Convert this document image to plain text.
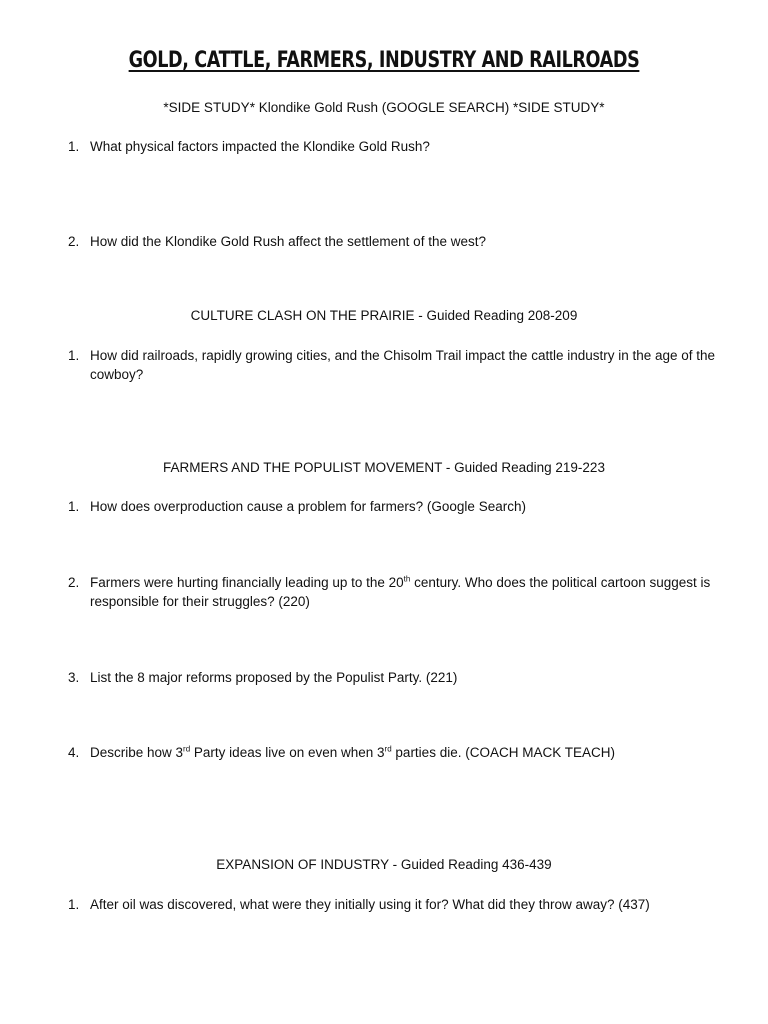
GOLD, CATTLE, FARMERS, INDUSTRY AND RAILROADS
*SIDE STUDY* Klondike Gold Rush (GOOGLE SEARCH) *SIDE STUDY*
1. What physical factors impacted the Klondike Gold Rush?
2. How did the Klondike Gold Rush affect the settlement of the west?
CULTURE CLASH ON THE PRAIRIE - Guided Reading 208-209
1. How did railroads, rapidly growing cities, and the Chisolm Trail impact the cattle industry in the age of the cowboy?
FARMERS AND THE POPULIST MOVEMENT - Guided Reading 219-223
1. How does overproduction cause a problem for farmers? (Google Search)
2. Farmers were hurting financially leading up to the 20th century. Who does the political cartoon suggest is responsible for their struggles? (220)
3. List the 8 major reforms proposed by the Populist Party. (221)
4. Describe how 3rd Party ideas live on even when 3rd parties die. (COACH MACK TEACH)
EXPANSION OF INDUSTRY - Guided Reading 436-439
1. After oil was discovered, what were they initially using it for? What did they throw away? (437)
